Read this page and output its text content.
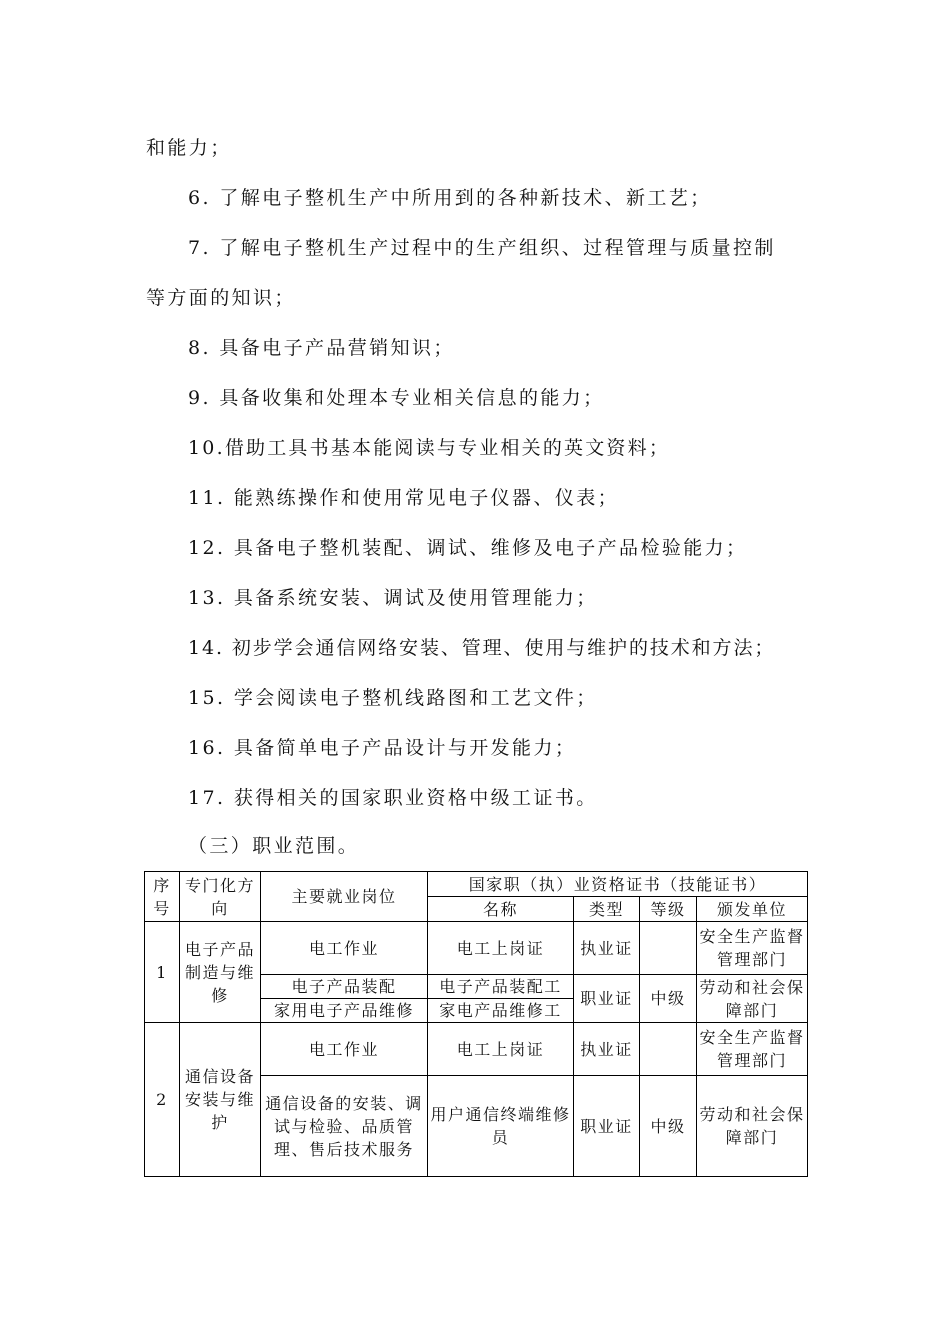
和能力；
6. 了解电子整机生产中所用到的各种新技术、新工艺；
7. 了解电子整机生产过程中的生产组织、过程管理与质量控制
等方面的知识；
8. 具备电子产品营销知识；
9. 具备收集和处理本专业相关信息的能力；
10.借助工具书基本能阅读与专业相关的英文资料；
11. 能熟练操作和使用常见电子仪器、仪表；
12. 具备电子整机装配、调试、维修及电子产品检验能力；
13. 具备系统安装、调试及使用管理能力；
14. 初步学会通信网络安装、管理、使用与维护的技术和方法；
15. 学会阅读电子整机线路图和工艺文件；
16. 具备简单电子产品设计与开发能力；
17. 获得相关的国家职业资格中级工证书。
（三）职业范围。
序号	专门化方向	主要就业岗位	国家职（执）业资格证书（技能证书）			
			名称	类型	等级	颁发单位
1	电子产品制造与维修	电工作业	电工上岗证	执业证		安全生产监督管理部门
		电子产品装配	电子产品装配工	职业证	中级	劳动和社会保障部门
		家用电子产品维修	家电产品维修工			
2	通信设备安装与维护	电工作业	电工上岗证	执业证		安全生产监督管理部门
		通信设备的安装、调试与检验、品质管理、售后技术服务	用户通信终端维修员	职业证	中级	劳动和社会保障部门
